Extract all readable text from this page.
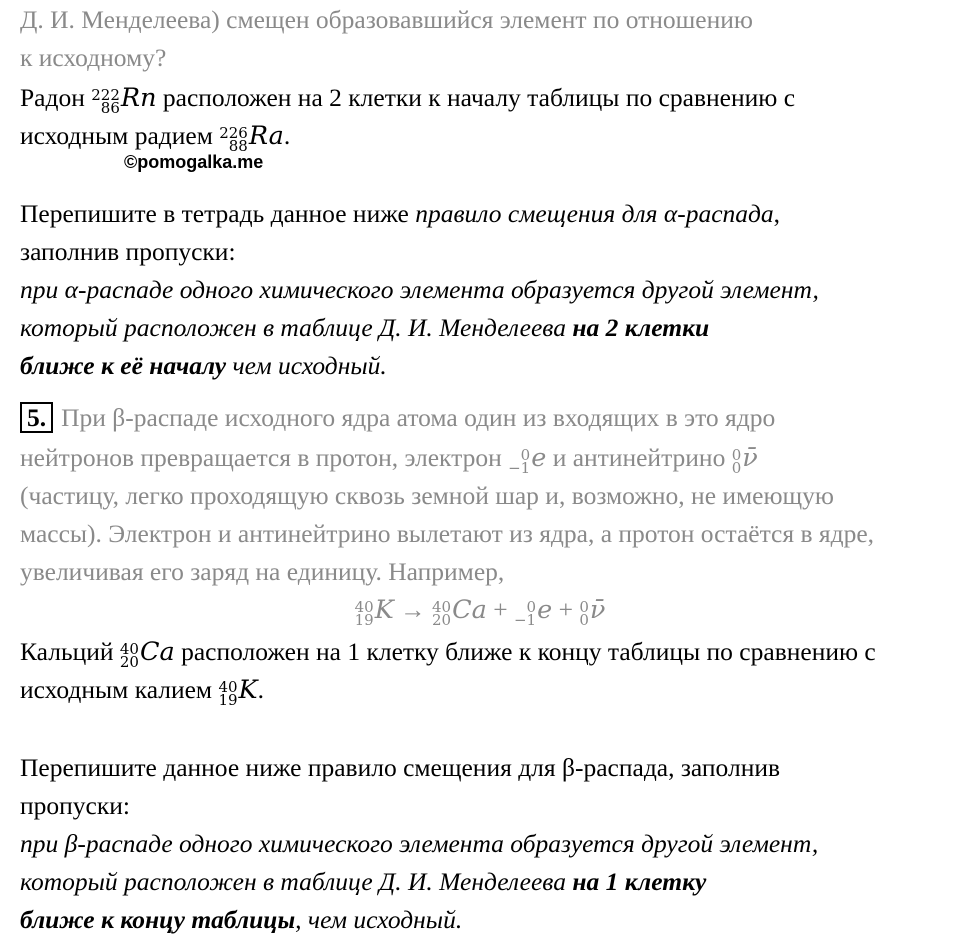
Д. И. Менделеева) смещен образовавшийся элемент по отношению
к исходному?
Радон 222
86 Rn расположен на 2 клетки к началу таблицы по сравнению с
исходным радием 226
88 Ra.
©pomogalka.me
Перепишите в тетрадь данное ниже правило смещения для α-распада,
заполнив пропуски:
при α-распаде одного химического элемента образуется другой элемент,
который расположен в таблице Д. И. Менделеева на 2 клетки
ближе к её началу чем исходный.
5. При β-распаде исходного ядра атома один из входящих в это ядро
нейтронов превращается в протон, электрон 0
−1 e и антинейтрино 0
0 ν̄
(частицу, легко проходящую сквозь земной шар и, возможно, не имеющую
массы). Электрон и антинейтрино вылетают из ядра, а протон остаётся в ядре,
увеличивая его заряд на единицу. Например,
40
19 K → 40
20 Ca + 0
−1 e + 0
0 ν̄
Кальций 40
20 Ca расположен на 1 клетку ближе к концу таблицы по сравнению с
исходным калием 40
19 K.
Перепишите данное ниже правило смещения для β-распада, заполнив
пропуски:
при β-распаде одного химического элемента образуется другой элемент,
который расположен в таблице Д. И. Менделеева на 1 клетку
ближе к концу таблицы, чем исходный.
